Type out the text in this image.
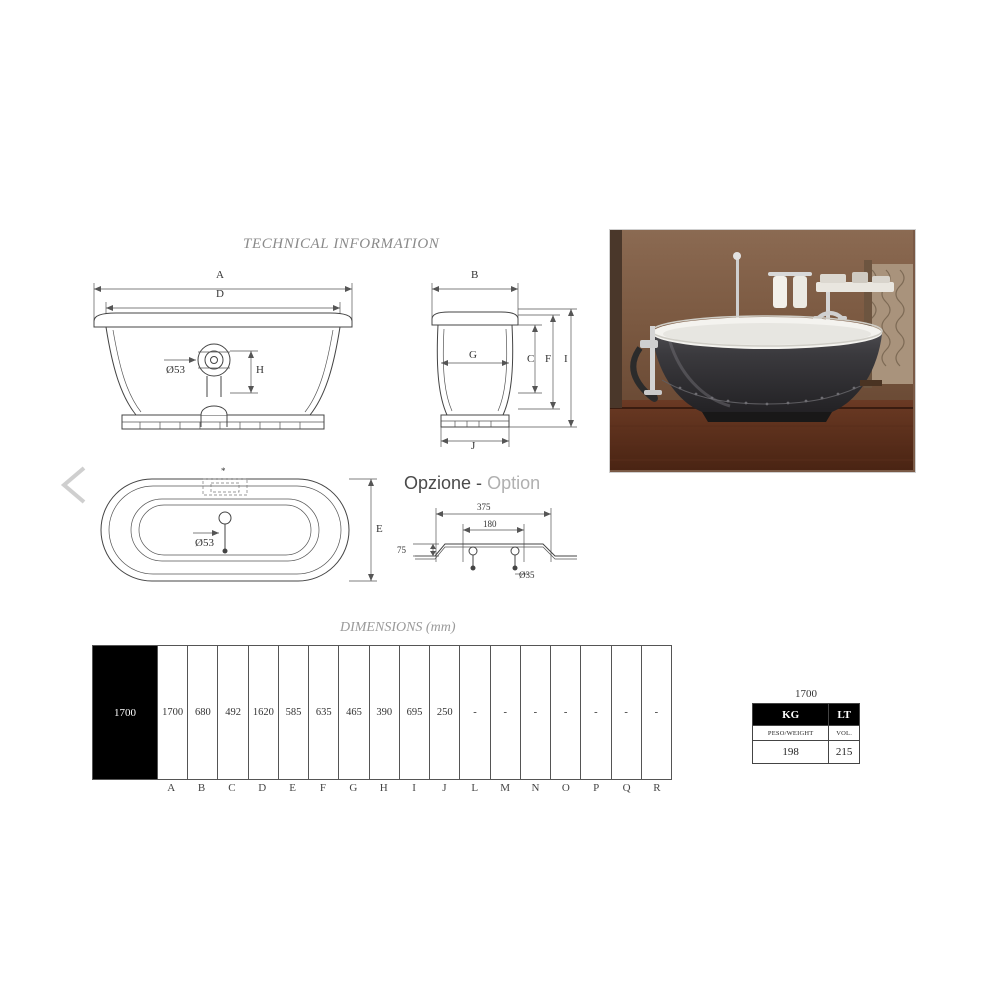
TECHNICAL INFORMATION
DIMENSIONS (mm)
Opzione - Option
A
D
Ø53	H
B
G	C F I
J
*
Ø53
E
375
180
75
Ø35
1700	1700	680	492	1620	585	635	465	390	695	250	-	-	-	-	-	-	-
A	B	C	D	E	F	G	H	I	J	L	M	N	O	P	Q	R
1700
KG	LT
PESO/WEIGHT	VOL.
198	215
